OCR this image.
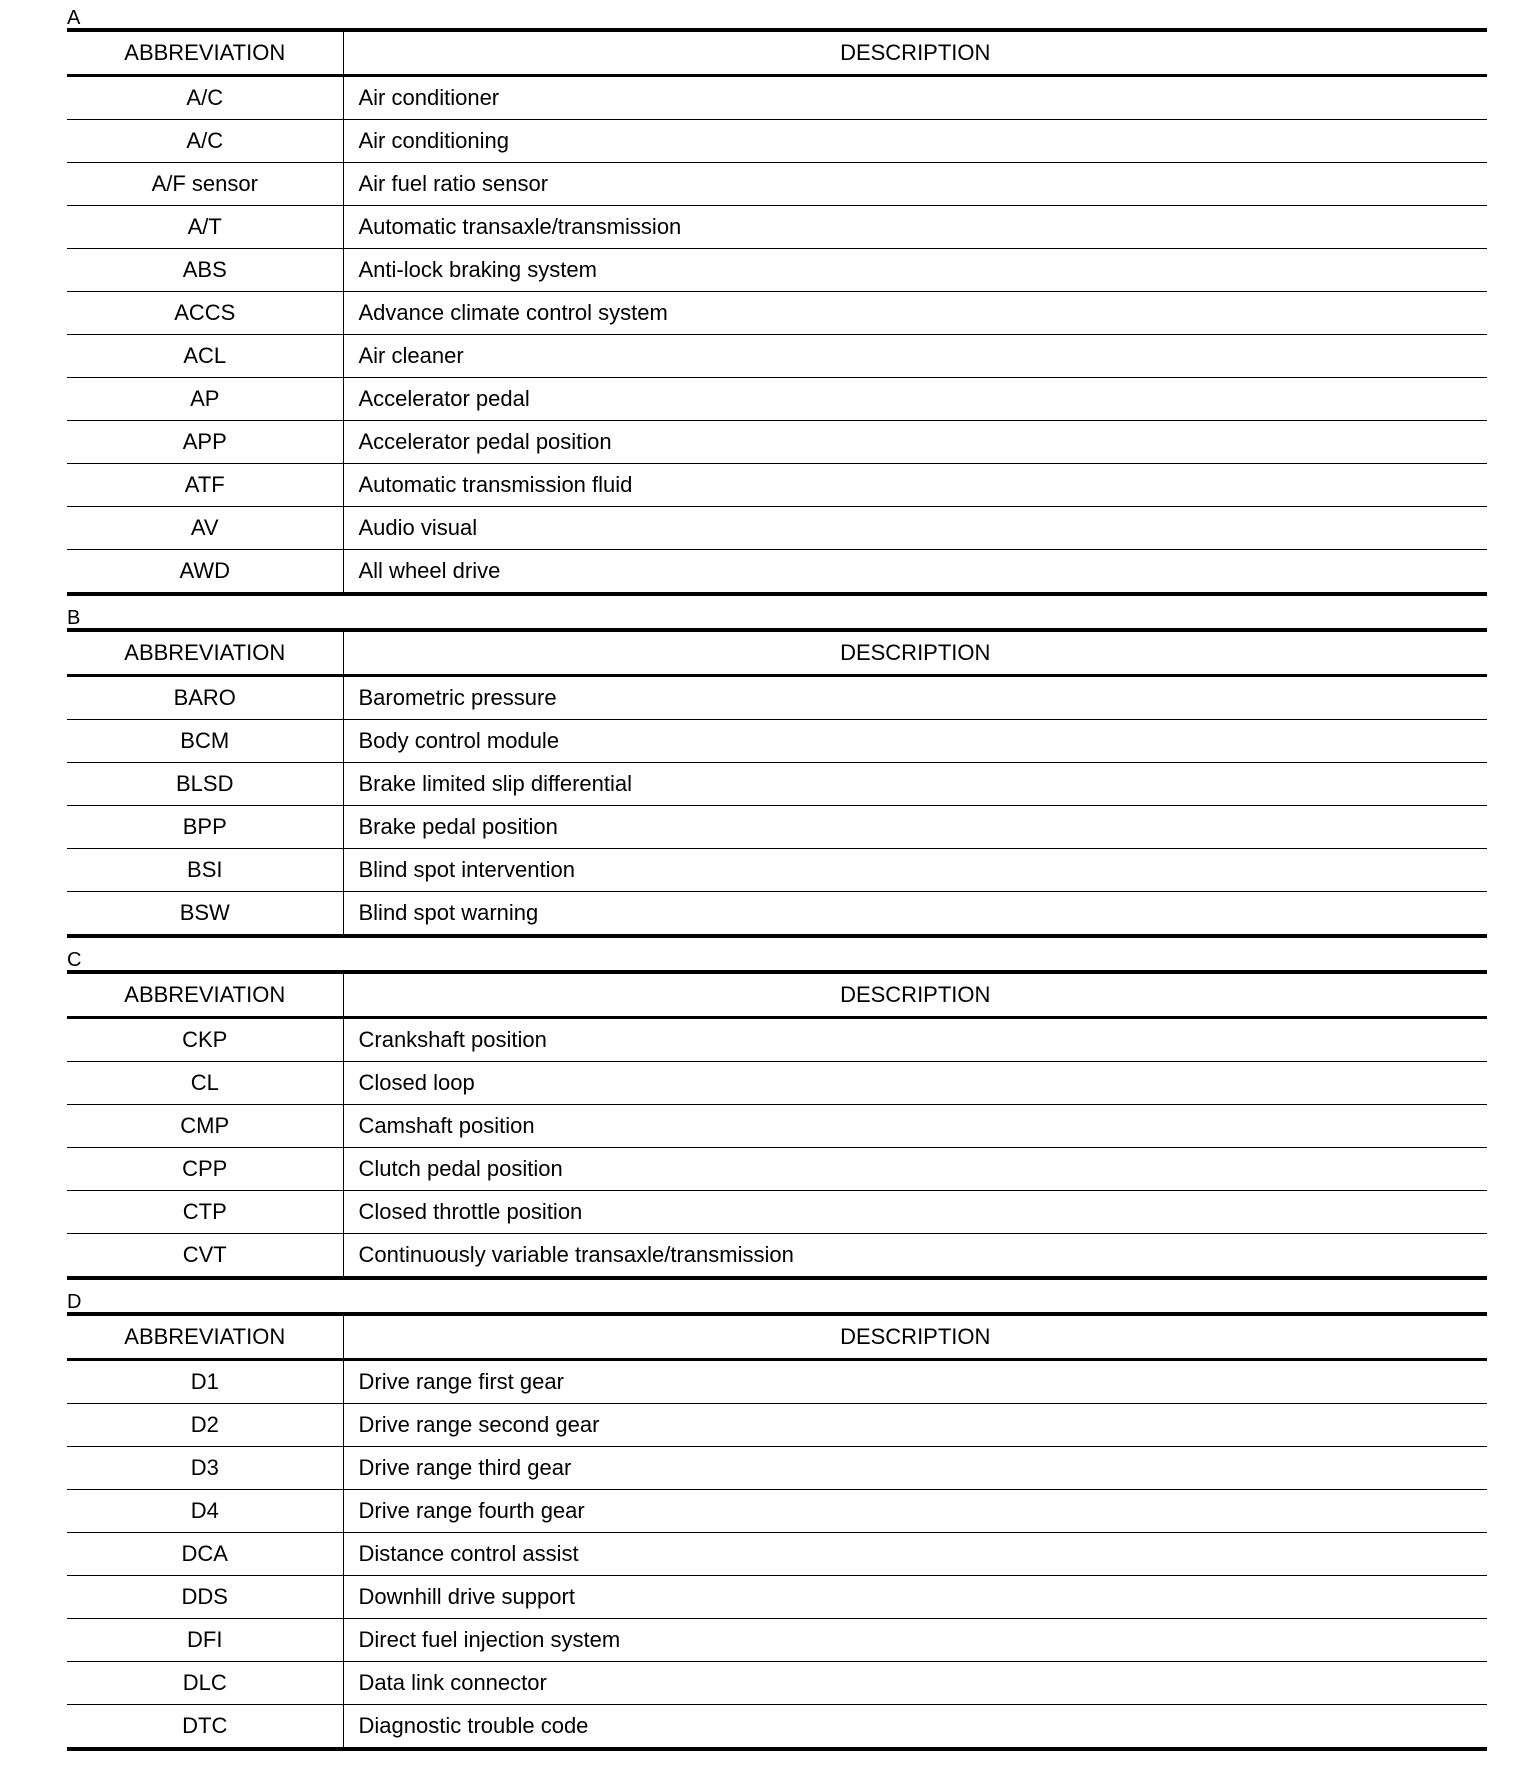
A
ABBREVIATION	DESCRIPTION
A/C	Air conditioner
A/C	Air conditioning
A/F sensor	Air fuel ratio sensor
A/T	Automatic transaxle/transmission
ABS	Anti-lock braking system
ACCS	Advance climate control system
ACL	Air cleaner
AP	Accelerator pedal
APP	Accelerator pedal position
ATF	Automatic transmission fluid
AV	Audio visual
AWD	All wheel drive
B
ABBREVIATION	DESCRIPTION
BARO	Barometric pressure
BCM	Body control module
BLSD	Brake limited slip differential
BPP	Brake pedal position
BSI	Blind spot intervention
BSW	Blind spot warning
C
ABBREVIATION	DESCRIPTION
CKP	Crankshaft position
CL	Closed loop
CMP	Camshaft position
CPP	Clutch pedal position
CTP	Closed throttle position
CVT	Continuously variable transaxle/transmission
D
ABBREVIATION	DESCRIPTION
D1	Drive range first gear
D2	Drive range second gear
D3	Drive range third gear
D4	Drive range fourth gear
DCA	Distance control assist
DDS	Downhill drive support
DFI	Direct fuel injection system
DLC	Data link connector
DTC	Diagnostic trouble code
